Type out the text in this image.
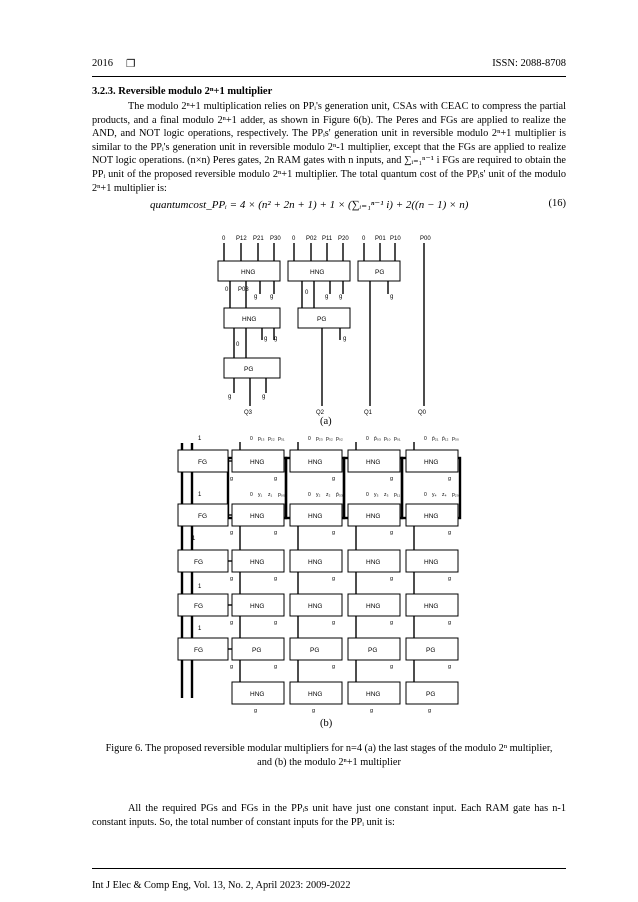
2016 ❐	ISSN: 2088-8708
3.2.3. Reversible modulo 2ⁿ+1 multiplier

The modulo 2ⁿ+1 multiplication relies on PPᵢ's generation unit, CSAs with CEAC to compress the partial products, and a final modulo 2ⁿ+1 adder, as shown in Figure 6(b). The Peres and FGs are applied to realize the AND, and NOT logic operations, respectively. The PPᵢs' generation unit in reversible modulo 2ⁿ+1 multiplier is similar to the PPᵢ's generation unit in reversible modulo 2ⁿ-1 multiplier, except that the FGs are applied to realize NOT logic operations. (n×n) Peres gates, 2n RAM gates with n inputs, and ∑ᵢ₌₁ⁿ⁻¹ i FGs are required to obtain the PPᵢ unit of the proposed reversible modulo 2ⁿ+1 multiplier. The total quantum cost of the PPᵢs' unit of the modulo 2ⁿ+1 multiplier is:

quantumcost_PPᵢ = 4 × (n² + 2n + 1) + 1 × (∑ᵢ₌₁ⁿ⁻¹ i) + 2((n − 1) × n)	(16)
0 P12 P21 P30 0 P02 P11 P20 0 P01 P10	P00
HNG	HNG	PG
0 P03
g g	g g	g
0
HNG	PG
0
g g	g
PG
g	g
Q3	Q2	Q1	Q0
(a)
1
FG	HNG	HNG	HNG	HNG
0 p₁₃ p₂₂ p₃₁	0 p₂₃ p₃₂ p₀₂	0 p̄₀₃ p₁₀ p₀₁	0 p̄₂₁ p̄₁₂ p₃₀
1
FG	HNG	HNG	HNG	HNG
0 y₁ z₁ p₀₀	0 y₂ z₂ p̄₃₃	0 y₃ z₃ p₁₁	0 y₄ z₄ p₂₀
1
FG	HNG	HNG	HNG	HNG
1
FG	HNG	HNG	HNG	HNG
1
FG	PG	PG	PG	PG
HNG	HNG	HNG	PG
g	g	g	g
g
g	g	g	g
g
g	g	g	g
g
g	g	g	g
g
g	g	g	g
g
g	g	g	g
(b)
Figure 6. The proposed reversible modular multipliers for n=4 (a) the last stages of the modulo 2ⁿ multiplier,
and (b) the modulo 2ⁿ+1 multiplier

All the required PGs and FGs in the PPᵢs unit have just one constant input. Each RAM gate has n-1 constant inputs. So, the total number of constant inputs for the PPᵢ unit is:

Int J Elec & Comp Eng, Vol. 13, No. 2, April 2023: 2009-2022
